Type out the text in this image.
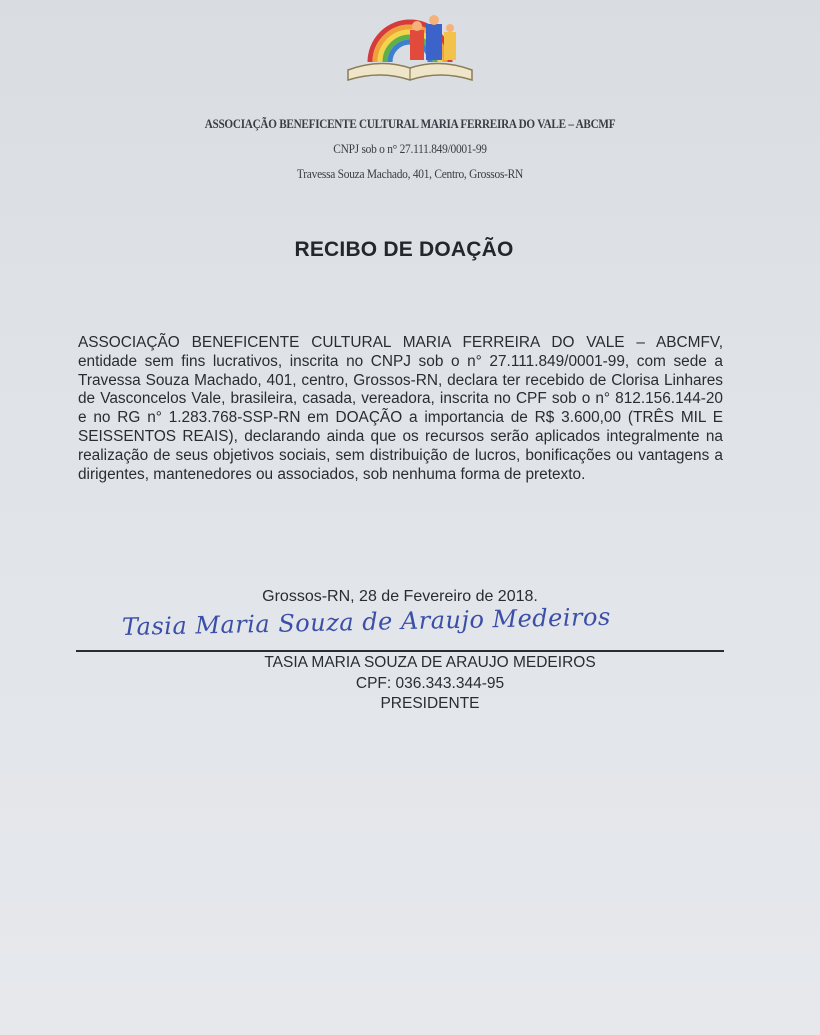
ASSOCIAÇÃO BENEFICENTE CULTURAL MARIA FERREIRA DO VALE – ABCMF
CNPJ sob o n° 27.111.849/0001-99
Travessa Souza Machado, 401, Centro, Grossos-RN
RECIBO DE DOAÇÃO
ASSOCIAÇÃO BENEFICENTE CULTURAL MARIA FERREIRA DO VALE – ABCMFV, entidade sem fins lucrativos, inscrita no CNPJ sob o n° 27.111.849/0001-99, com sede a Travessa Souza Machado, 401, centro, Grossos-RN, declara ter recebido de Clorisa Linhares de Vasconcelos Vale, brasileira, casada, vereadora, inscrita no CPF sob o n° 812.156.144-20 e no RG n° 1.283.768-SSP-RN em DOAÇÃO a importancia de R$ 3.600,00 (TRÊS MIL E SEISSENTOS REAIS), declarando ainda que os recursos serão aplicados integralmente na realização de seus objetivos sociais, sem distribuição de lucros, bonificações ou vantagens a dirigentes, mantenedores ou associados, sob nenhuma forma de pretexto.
Grossos-RN, 28 de Fevereiro de 2018.
Tasia Maria Souza de Araujo Medeiros
TASIA MARIA SOUZA DE ARAUJO MEDEIROS
CPF: 036.343.344-95
PRESIDENTE
